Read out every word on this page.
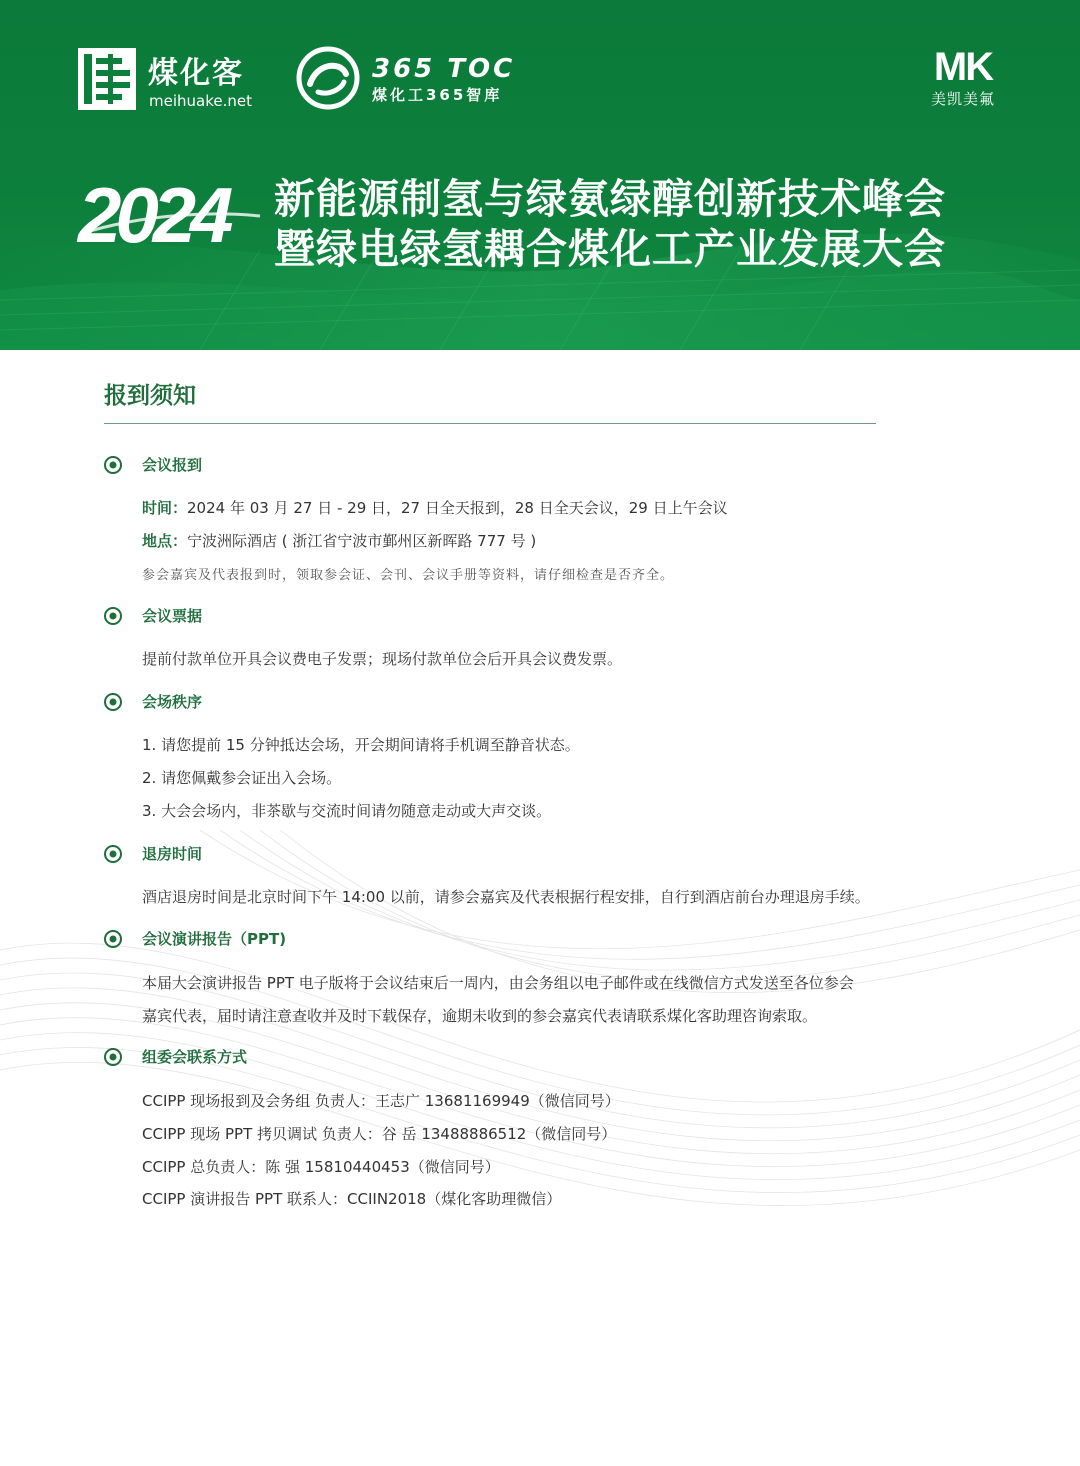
煤化客
meihuake.net
365 TOC
煤化工365智库
MK
美凯美氟
2024 新能源制氢与绿氨绿醇创新技术峰会
暨绿电绿氢耦合煤化工产业发展大会
报到须知
会议报到
时间：2024 年 03 月 27 日 - 29 日，27 日全天报到，28 日全天会议，29 日上午会议
地点：宁波洲际酒店 ( 浙江省宁波市鄞州区新晖路 777 号 )
参会嘉宾及代表报到时，领取参会证、会刊、会议手册等资料，请仔细检查是否齐全。
会议票据
提前付款单位开具会议费电子发票；现场付款单位会后开具会议费发票。
会场秩序
1. 请您提前 15 分钟抵达会场，开会期间请将手机调至静音状态。
2. 请您佩戴参会证出入会场。
3. 大会会场内，非茶歇与交流时间请勿随意走动或大声交谈。
退房时间
酒店退房时间是北京时间下午 14:00 以前，请参会嘉宾及代表根据行程安排，自行到酒店前台办理退房手续。
会议演讲报告（PPT)
本届大会演讲报告 PPT 电子版将于会议结束后一周内，由会务组以电子邮件或在线微信方式发送至各位参会
嘉宾代表，届时请注意查收并及时下载保存，逾期未收到的参会嘉宾代表请联系煤化客助理咨询索取。
组委会联系方式
CCIPP 现场报到及会务组 负责人：王志广 13681169949（微信同号）
CCIPP 现场 PPT 拷贝调试 负责人：谷 岳 13488886512（微信同号）
CCIPP 总负责人：陈 强 15810440453（微信同号）
CCIPP 演讲报告 PPT 联系人：CCIIN2018（煤化客助理微信）
